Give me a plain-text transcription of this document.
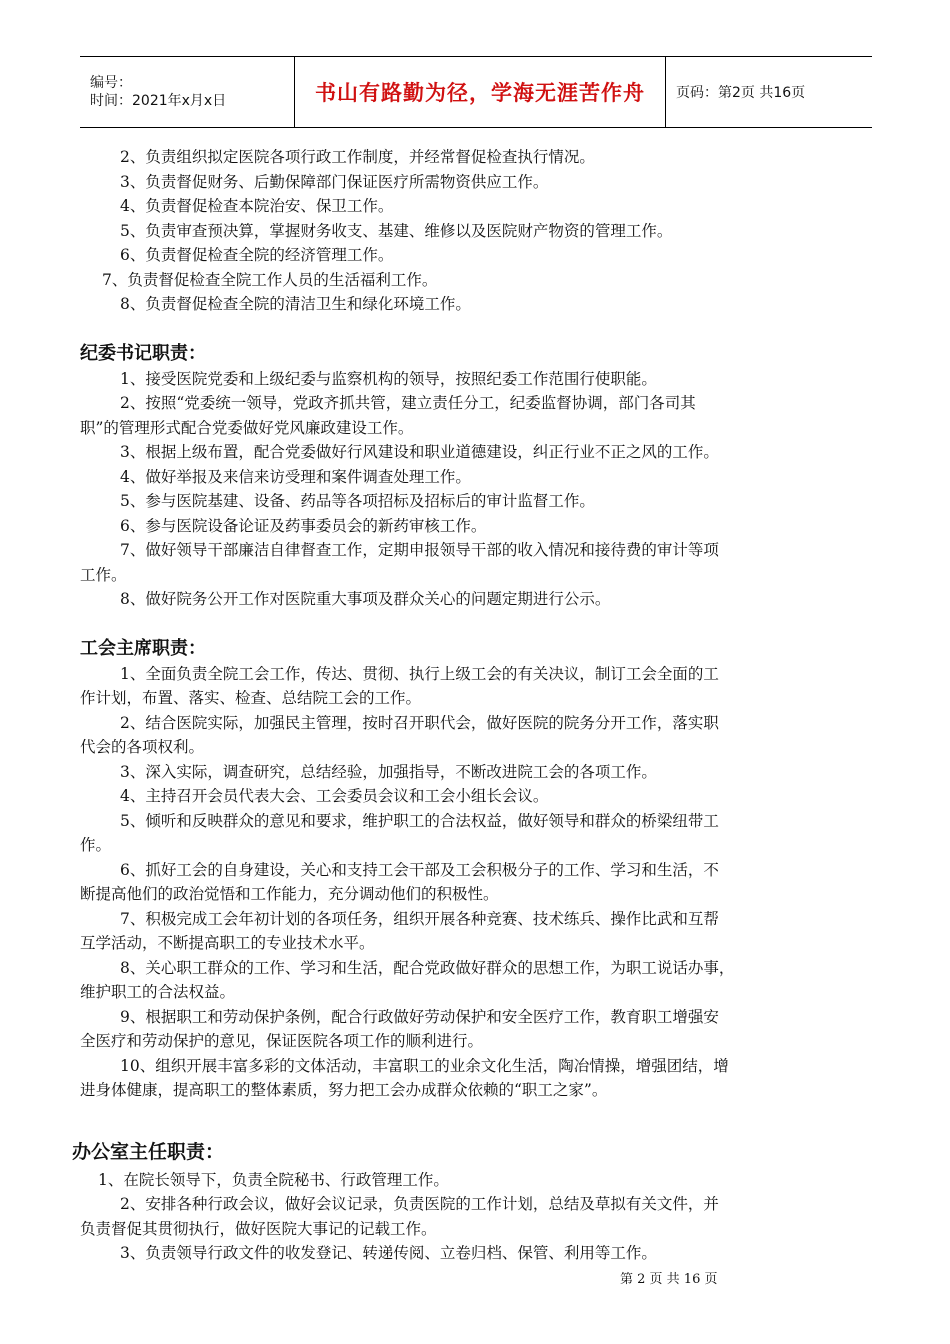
编号：
时间：2021年x月x日	书山有路勤为径，学海无涯苦作舟 页码：第2页 共16页

2、负责组织拟定医院各项行政工作制度，并经常督促检查执行情况。

3、负责督促财务、后勤保障部门保证医疗所需物资供应工作。

4、负责督促检查本院治安、保卫工作。

5、负责审查预决算，掌握财务收支、基建、维修以及医院财产物资的管理工作。

6、负责督促检查全院的经济管理工作。

7、负责督促检查全院工作人员的生活福利工作。

8、负责督促检查全院的清洁卫生和绿化环境工作。

纪委书记职责：

1、接受医院党委和上级纪委与监察机构的领导，按照纪委工作范围行使职能。

2、按照“党委统一领导，党政齐抓共管，建立责任分工，纪委监督协调，部门各司其

职”的管理形式配合党委做好党风廉政建设工作。

3、根据上级布置，配合党委做好行风建设和职业道德建设，纠正行业不正之风的工作。

4、做好举报及来信来访受理和案件调查处理工作。

5、参与医院基建、设备、药品等各项招标及招标后的审计监督工作。

6、参与医院设备论证及药事委员会的新药审核工作。

7、做好领导干部廉洁自律督查工作，定期申报领导干部的收入情况和接待费的审计等项

工作。

8、做好院务公开工作对医院重大事项及群众关心的问题定期进行公示。

工会主席职责：

1、全面负责全院工会工作，传达、贯彻、执行上级工会的有关决议，制订工会全面的工

作计划，布置、落实、检查、总结院工会的工作。

2、结合医院实际，加强民主管理，按时召开职代会，做好医院的院务分开工作，落实职

代会的各项权利。

3、深入实际，调查研究，总结经验，加强指导，不断改进院工会的各项工作。

4、主持召开会员代表大会、工会委员会议和工会小组长会议。

5、倾听和反映群众的意见和要求，维护职工的合法权益，做好领导和群众的桥梁纽带工

作。

6、抓好工会的自身建设，关心和支持工会干部及工会积极分子的工作、学习和生活，不

断提高他们的政治觉悟和工作能力，充分调动他们的积极性。

7、积极完成工会年初计划的各项任务，组织开展各种竞赛、技术练兵、操作比武和互帮

互学活动，不断提高职工的专业技术水平。

8、关心职工群众的工作、学习和生活，配合党政做好群众的思想工作，为职工说话办事，

维护职工的合法权益。

9、根据职工和劳动保护条例，配合行政做好劳动保护和安全医疗工作，教育职工增强安

全医疗和劳动保护的意见，保证医院各项工作的顺利进行。

10、组织开展丰富多彩的文体活动，丰富职工的业余文化生活，陶冶情操，增强团结，增

进身体健康，提高职工的整体素质，努力把工会办成群众依赖的“职工之家”。

办公室主任职责：

1、在院长领导下，负责全院秘书、行政管理工作。

2、安排各种行政会议，做好会议记录，负责医院的工作计划，总结及草拟有关文件，并

负责督促其贯彻执行，做好医院大事记的记载工作。

3、负责领导行政文件的收发登记、转递传阅、立卷归档、保管、利用等工作。

第 2 页 共 16 页
